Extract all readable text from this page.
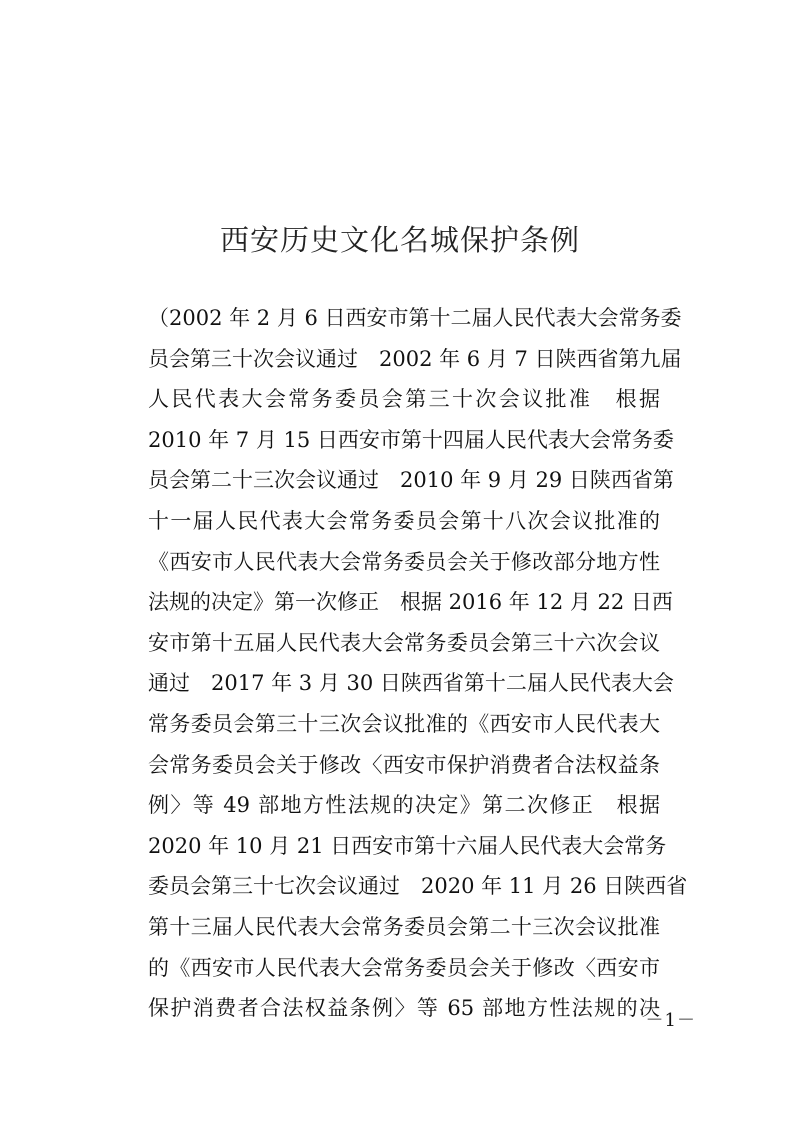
西安历史文化名城保护条例
（2002 年 2 月 6 日西安市第十二届人民代表大会常务委
员会第三十次会议通过　2002 年 6 月 7 日陕西省第九届
人民代表大会常务委员会第三十次会议批准　根据
2010 年 7 月 15 日西安市第十四届人民代表大会常务委
员会第二十三次会议通过　2010 年 9 月 29 日陕西省第
十一届人民代表大会常务委员会第十八次会议批准的
《西安市人民代表大会常务委员会关于修改部分地方性
法规的决定》第一次修正　根据 2016 年 12 月 22 日西
安市第十五届人民代表大会常务委员会第三十六次会议
通过　2017 年 3 月 30 日陕西省第十二届人民代表大会
常务委员会第三十三次会议批准的《西安市人民代表大
会常务委员会关于修改〈西安市保护消费者合法权益条
例〉等 49 部地方性法规的决定》第二次修正　根据
2020 年 10 月 21 日西安市第十六届人民代表大会常务
委员会第三十七次会议通过　2020 年 11 月 26 日陕西省
第十三届人民代表大会常务委员会第二十三次会议批准
的《西安市人民代表大会常务委员会关于修改〈西安市
保护消费者合法权益条例〉等 65 部地方性法规的决
－1－
